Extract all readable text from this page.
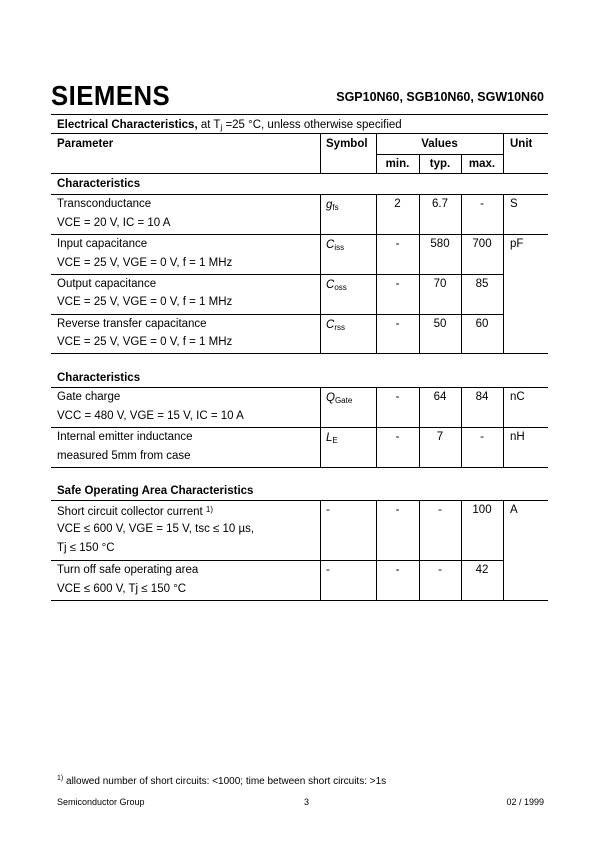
SIEMENS	SGP10N60, SGB10N60, SGW10N60
Electrical Characteristics, at $T_j =25$ °C, unless otherwise specified
Parameter	Symbol	Values	Unit
min.	typ.	max.
Characteristics
Transconductance
VCE = 20 V, IC = 10 A
$g_{fs}$	2	6.7	-	S
Input capacitance
VCE = 25 V, VGE = 0 V, f = 1 MHz
$C_{iss}$	-	580	700	pF
Output capacitance
VCE = 25 V, VGE = 0 V, f = 1 MHz
$C_{oss}$	-	70	85
Reverse transfer capacitance
VCE = 25 V, VGE = 0 V, f = 1 MHz
$C_{rss}$	-	50	60
Characteristics
Gate charge
VCC = 480 V, VGE = 15 V, IC = 10 A
$Q_{Gate}$	-	64	84	nC
Internal emitter inductance
measured 5mm from case
$L_E$	-	7	-	nH
Safe Operating Area Characteristics
Short circuit collector current $^{1)}$
VCE ≤ 600 V, VGE = 15 V, tsc ≤ 10 µs,
Tj ≤ 150 °C
-	-	-	100	A
Turn off safe operating area
VCE ≤ 600 V, Tj ≤ 150 °C
-	-	-	42
$^{1)}$ allowed number of short circuits: <1000; time between short circuits: >1s
Semiconductor Group	3	02 / 1999
